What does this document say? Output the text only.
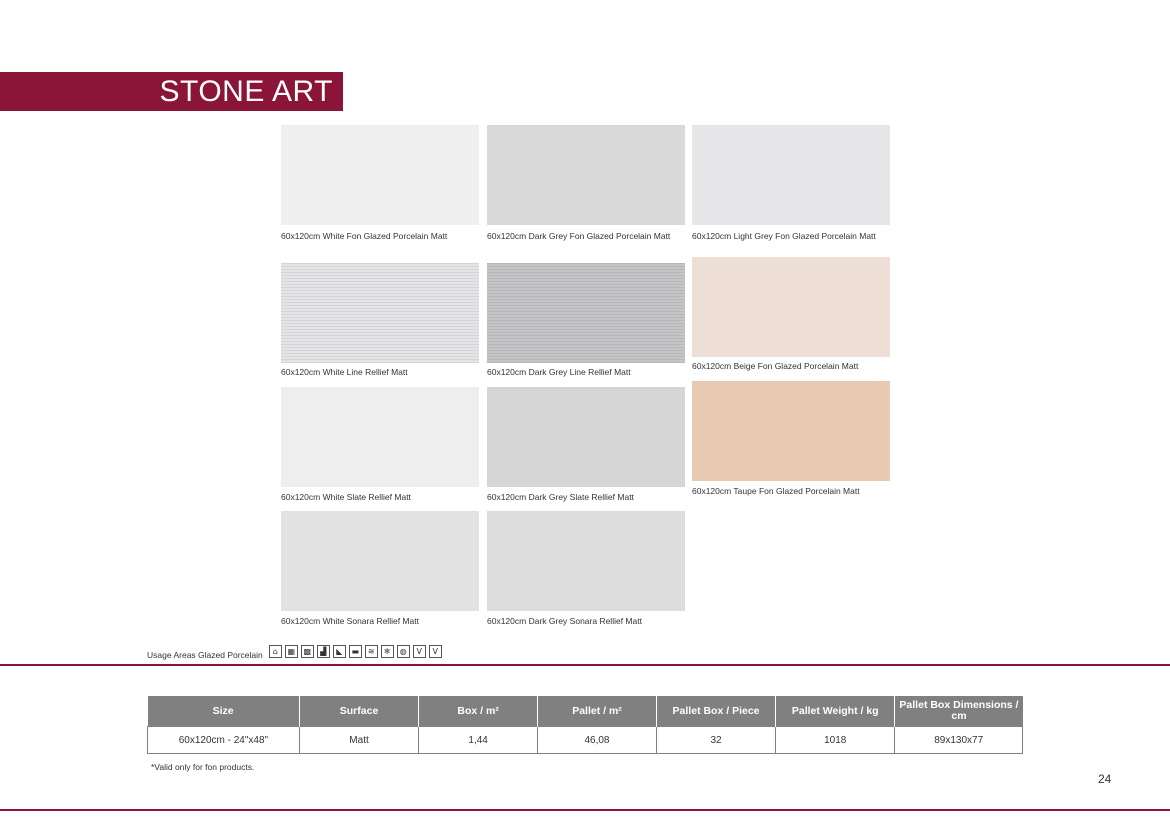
STONE ART
60x120cm White Fon Glazed Porcelain Matt
60x120cm White Line Rellief Matt
60x120cm White Slate Rellief Matt
60x120cm White Sonara Rellief Matt
60x120cm Dark Grey Fon Glazed Porcelain Matt
60x120cm Dark Grey Line Rellief Matt
60x120cm Dark Grey Slate Rellief Matt
60x120cm Dark Grey Sonara Rellief Matt
60x120cm Light Grey Fon Glazed Porcelain Matt
60x120cm Beige Fon Glazed Porcelain Matt
60x120cm Taupe Fon Glazed Porcelain Matt
Usage Areas Glazed Porcelain	⌂	▦	▩	▟	◣	▬	≋	❄	◍	V	V
Size	Surface	Box / m²	Pallet / m²	Pallet Box / Piece	Pallet Weight / kg	Pallet Box Dimensions / cm
60x120cm - 24"x48"	Matt	1,44	46,08	32	1018	89x130x77
*Valid only for fon products.
24
